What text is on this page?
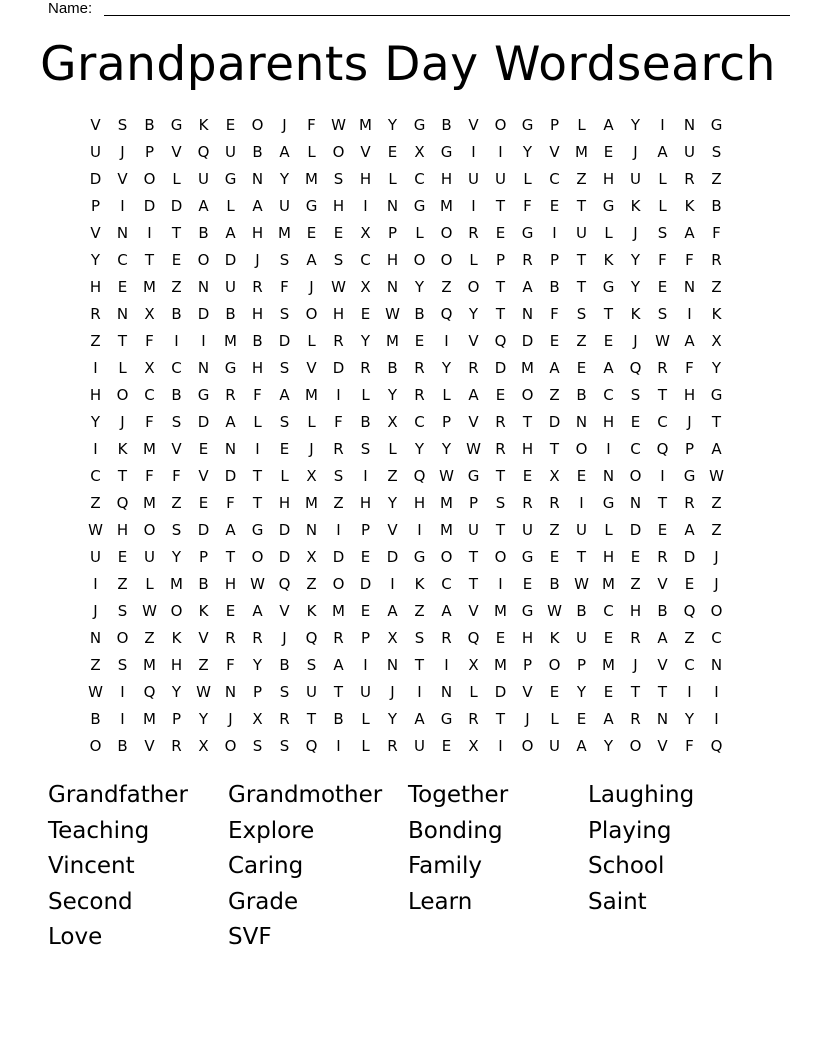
Name:
Grandparents Day Wordsearch
V	S	B	G	K	E	O	J	F	W M	Y	G	B	V	O	G	P	L	A	Y	I	N	G
U	J	P	V	Q	U	B	A	L	O	V	E	X	G	I	I	Y	V	M	E	J	A	U	S
D	V	O	L	U	G	N	Y	M	S	H	L	C	H	U	U	L	C	Z	H	U	L	R	Z
P	I	D	D	A	L	A	U	G	H	I	N	G M	I	T	F	E	T	G	K	L	K	B
V	N	I	T	B	A	H M	E	E	X	P	L	O	R	E	G	I	U	L	J	S	A	F
Y	C	T	E	O	D	J	S	A	S	C	H	O	O	L	P	R	P	T	K	Y	F	F	R
H	E	M	Z	N	U	R	F	J	W X	N	Y	Z	O	T	A	B	T	G	Y	E	N	Z
R	N	X	B	D	B	H	S	O	H	E W B	Q	Y	T	N	F	S	T	K	S	I	K
Z	T	F	I	I	M	B	D	L	R	Y	M	E	I	V	Q	D	E	Z	E	J	W A	X
I	L	X	C	N	G	H	S	V	D	R	B	R	Y	R	D M	A	E	A	Q	R	F	Y
H	O	C	B	G	R	F	A	M	I	L	Y	R	L	A	E	O	Z	B	C	S	T	H	G
Y	J	F	S	D	A	L	S	L	F	B	X	C	P	V	R	T	D	N	H	E	C	J	T
I	K	M	V	E	N	I	E	J	R	S	L	Y	Y	W R	H	T	O	I	C	Q	P	A
C	T	F	F	V	D	T	L	X	S	I	Z	Q W G	T	E	X	E	N	O	I	G W
Z	Q M	Z	E	F	T	H M	Z	H	Y	H M	P	S	R	R	I	G	N	T	R	Z
W H	O	S	D	A	G	D	N	I	P	V	I	M	U	T	U	Z	U	L	D	E	A	Z
U	E	U	Y	P	T	O	D	X	D	E	D	G	O	T	O	G	E	T	H	E	R	D	J
I	Z	L	M	B	H W Q	Z	O	D	I	K	C	T	I	E	B W M	Z	V	E	J
J	S W O	K	E	A	V	K	M	E	A	Z	A	V	M G W B	C	H	B	Q	O
N	O	Z	K	V	R	R	J	Q	R	P	X	S	R	Q	E	H	K	U	E	R	A	Z	C
Z	S	M H	Z	F	Y	B	S	A	I	N	T	I	X	M	P	O	P	M	J	V	C	N
W	I	Q	Y	W N	P	S	U	T	U	J	I	N	L	D	V	E	Y	E	T	T	I	I
B	I	M	P	Y	J	X	R	T	B	L	Y	A	G	R	T	J	L	E	A	R	N	Y	I
O	B	V	R	X	O	S	S	Q	I	L	R	U	E	X	I	O	U	A	Y	O	V	F	Q
Grandfather	Grandmother	Together	Laughing
Teaching	Explore	Bonding	Playing
Vincent	Caring	Family	School
Second	Grade	Learn	Saint
Love	SVF
